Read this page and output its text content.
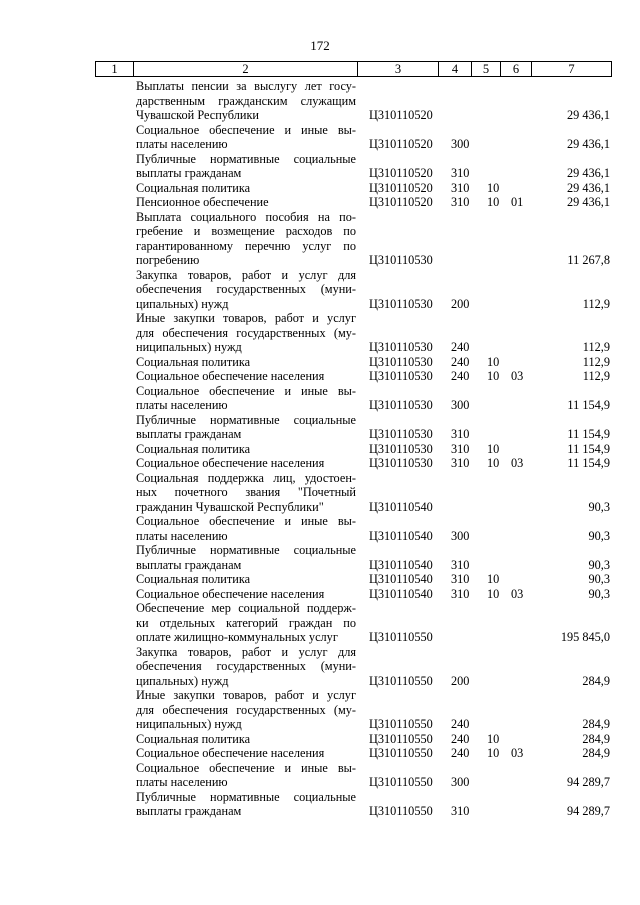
172
1	2	3	4	5	6	7
Выплаты пенсии за выслугу лет госу-
дарственным гражданским служащим
Чувашской Республики	Ц310110520	29 436,1
Социальное обеспечение и иные вы-
платы населению	Ц310110520 300	29 436,1
Публичные нормативные социальные
выплаты гражданам	Ц310110520 310	29 436,1
Социальная политика	Ц310110520 310 10	29 436,1
Пенсионное обеспечение	Ц310110520 310 10 01	29 436,1
Выплата социального пособия на по-
гребение и возмещение расходов по
гарантированному перечню услуг по
погребению	Ц310110530	11 267,8
Закупка товаров, работ и услуг для
обеспечения государственных (муни-
ципальных) нужд	Ц310110530 200	112,9
Иные закупки товаров, работ и услуг
для обеспечения государственных (му-
ниципальных) нужд	Ц310110530 240	112,9
Социальная политика	Ц310110530 240 10	112,9
Социальное обеспечение населения	Ц310110530 240 10 03	112,9
Социальное обеспечение и иные вы-
платы населению	Ц310110530 300	11 154,9
Публичные нормативные социальные
выплаты гражданам	Ц310110530 310	11 154,9
Социальная политика	Ц310110530 310 10	11 154,9
Социальное обеспечение населения	Ц310110530 310 10 03	11 154,9
Социальная поддержка лиц, удостоен-
ных почетного звания "Почетный
гражданин Чувашской Республики"	Ц310110540	90,3
Социальное обеспечение и иные вы-
платы населению	Ц310110540 300	90,3
Публичные нормативные социальные
выплаты гражданам	Ц310110540 310	90,3
Социальная политика	Ц310110540 310 10	90,3
Социальное обеспечение населения	Ц310110540 310 10 03	90,3
Обеспечение мер социальной поддерж-
ки отдельных категорий граждан по
оплате жилищно-коммунальных услуг	Ц310110550	195 845,0
Закупка товаров, работ и услуг для
обеспечения государственных (муни-
ципальных) нужд	Ц310110550 200	284,9
Иные закупки товаров, работ и услуг
для обеспечения государственных (му-
ниципальных) нужд	Ц310110550 240	284,9
Социальная политика	Ц310110550 240 10	284,9
Социальное обеспечение населения	Ц310110550 240 10 03	284,9
Социальное обеспечение и иные вы-
платы населению	Ц310110550 300	94 289,7
Публичные нормативные социальные
выплаты гражданам	Ц310110550 310	94 289,7
